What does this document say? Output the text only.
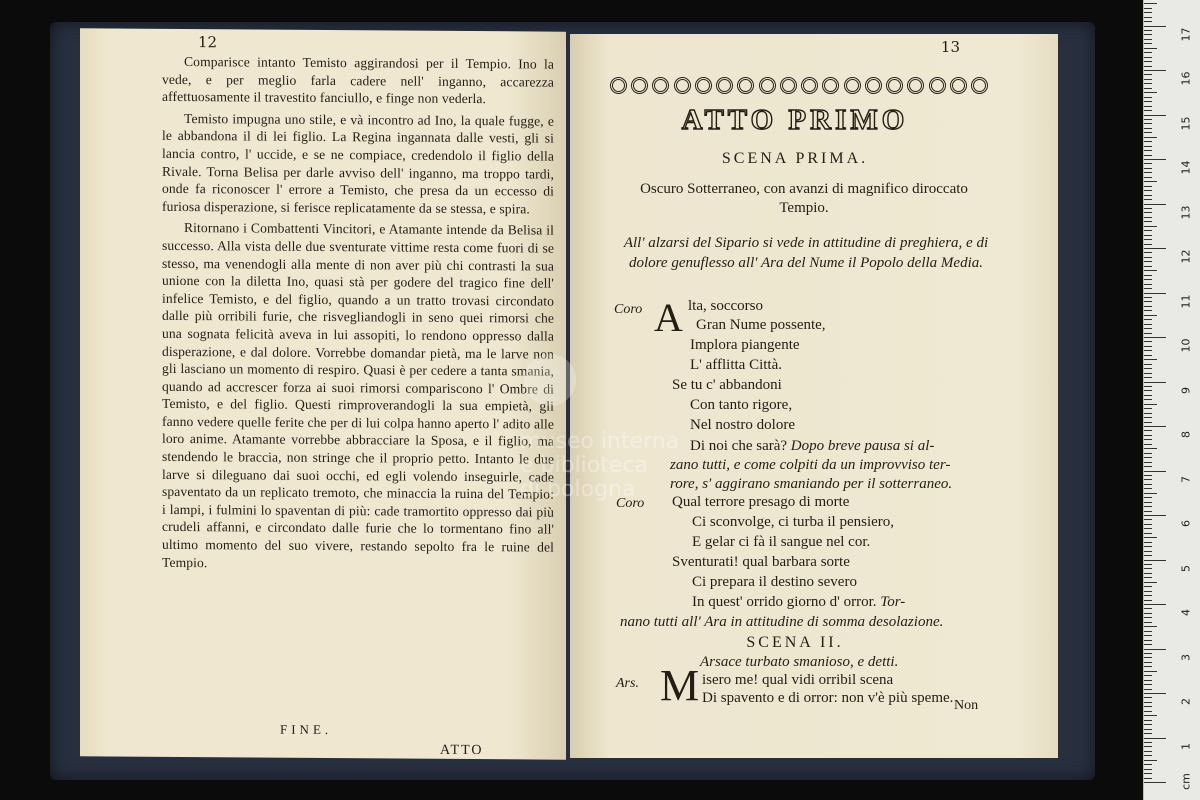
12

Comparisce intanto Temisto aggirandosi per il Tempio. Ino la vede, e per meglio farla cadere nell' inganno, accarezza affettuosamente il travestito fanciullo, e finge non vederla.

Temisto impugna uno stile, e và incontro ad Ino, la quale fugge, e le abbandona il di lei figlio. La Regina ingannata dalle vesti, gli si lancia contro, l' uccide, e se ne compiace, credendolo il figlio della Rivale. Torna Belisa per darle avviso dell' inganno, ma troppo tardi, onde fa riconoscer l' errore a Temisto, che presa da un eccesso di furiosa disperazione, si ferisce replicatamente da se stessa, e spira.

Ritornano i Combattenti Vincitori, e Atamante intende da Belisa il successo. Alla vista delle due sventurate vittime resta come fuori di se stesso, ma venendogli alla mente di non aver più chi contrasti la sua unione con la diletta Ino, quasi stà per godere del tragico fine dell' infelice Temisto, e del figlio, quando a un tratto trovasi circondato dalle più orribili furie, che risvegliandogli in seno quei rimorsi che una sognata felicità aveva in lui assopiti, lo rendono oppresso dalla disperazione, e dal dolore. Vorrebbe domandar pietà, ma le larve non gli lasciano un momento di respiro. Quasi è per cedere a tanta smania, quando ad accrescer forza ai suoi rimorsi compariscono l' Ombre di Temisto, e del figlio. Questi rimproverandogli la sua empietà, gli fanno vedere quelle ferite che per di lui colpa hanno aperto l' adito alle loro anime. Atamante vorrebbe abbracciare la Sposa, e il figlio, ma stendendo le braccia, non stringe che il proprio petto. Intanto le due larve si dileguano dai suoi occhi, ed egli volendo inseguirle, cade spaventato da un replicato tremoto, che minaccia la ruina del Tempio: i lampi, i fulmini lo spaventan di più: cade tramortito oppresso dai più crudeli affanni, e circondato dalle furie che lo tormentano fino all' ultimo momento del suo vivere, restando sepolto fra le ruine del Tempio.

FINE.
ATTO
13
ATTO PRIMO
SCENA PRIMA.
Oscuro Sotterraneo, con avanzi di magnifico diroccato Tempio.
All' alzarsi del Sipario si vede in attitudine di preghiera, e di dolore genuflesso all' Ara del Nume il Popolo della Media.
Coro A lta, soccorso
Gran Nume possente,
Implora piangente
L' afflitta Città.
Se tu c' abbandoni
Con tanto rigore,
Nel nostro dolore
Di noi che sarà? Dopo breve pausa si al-
zano tutti, e come colpiti da un improvviso ter-
rore, s' aggirano smaniando per il sotterraneo.
Coro Qual terrore presago di morte
Ci sconvolge, ci turba il pensiero,
E gelar ci fà il sangue nel cor.
Sventurati! qual barbara sorte
Ci prepara il destino severo
In quest' orrido giorno d' orror. Tor-
nano tutti all' Ara in attitudine di somma desolazione.
SCENA II.
Arsace turbato smanioso, e detti.
Ars. M isero me! qual vidi orribil scena
Di spavento e di orror: non v'è più speme. Non
museo interna
e biblioteca
di bologna
cm
1
2
3
4
5
6
7
8
9
10
11
12
13
14
15
16
17
